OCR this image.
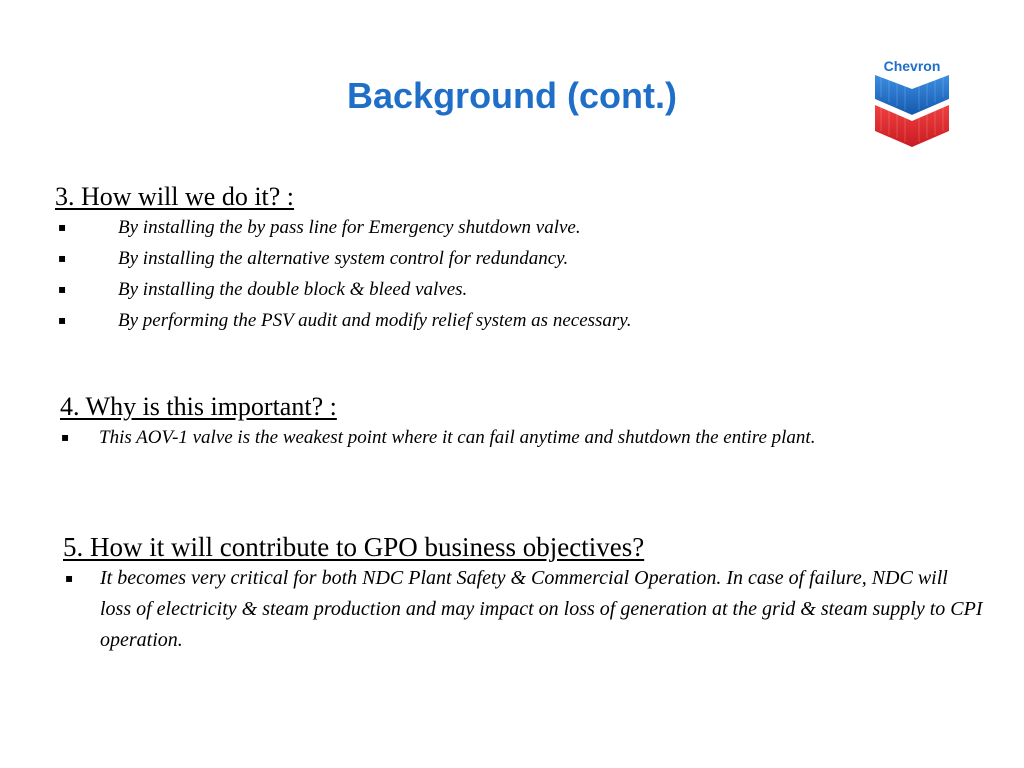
Background (cont.)
Chevron

3. How will we do it? :

▪	By installing the by pass line for Emergency shutdown valve.
▪	By installing the alternative system control for redundancy.
▪	By installing the double block & bleed valves.
▪	By performing the PSV audit and modify relief system as necessary.

4. Why is this important? :

▪ This AOV-1 valve is the weakest point where it can fail anytime and shutdown the entire plant.

5. How it will contribute to GPO business objectives?

▪ It becomes very critical for both NDC Plant Safety & Commercial Operation. In case of failure, NDC will loss of electricity & steam production and may impact on loss of generation at the grid & steam supply to CPI operation.
